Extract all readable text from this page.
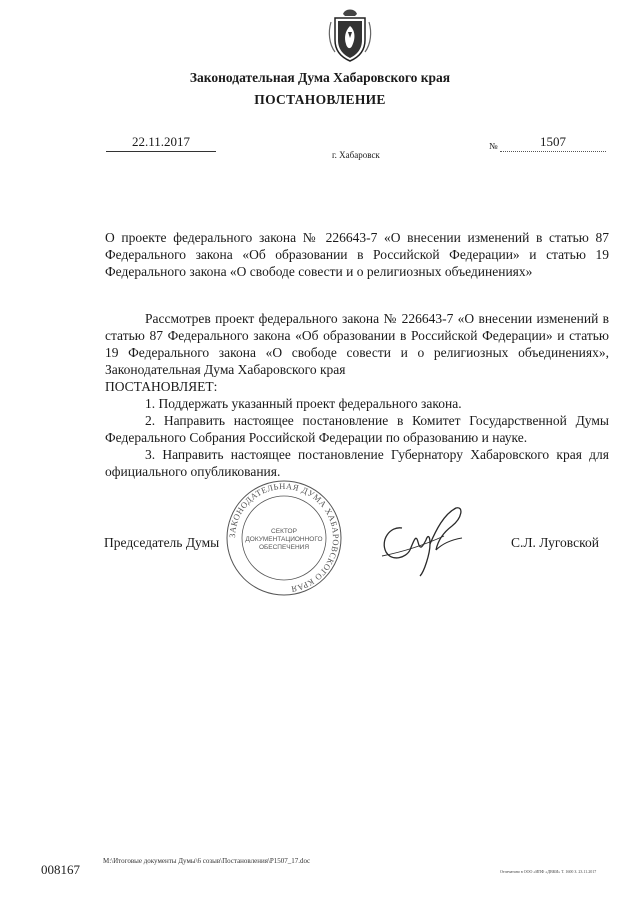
Законодательная Дума Хабаровского края
ПОСТАНОВЛЕНИЕ
22.11.2017
г. Хабаровск
№	1507
О проекте федерального закона № 226643-7 «О внесении изменений в статью 87 Федерального закона «Об образовании в Российской Федерации» и статью 19 Федерального закона «О свободе совести и о религиозных объединениях»

Рассмотрев проект федерального закона № 226643-7 «О внесении изменений в статью 87 Федерального закона «Об образовании в Российской Федерации» и статью 19 Федерального закона «О свободе совести и о религиозных объединениях», Законодательная Дума Хабаровского края

ПОСТАНОВЛЯЕТ:

1. Поддержать указанный проект федерального закона.

2. Направить настоящее постановление в Комитет Государственной Думы Федерального Собрания Российской Федерации по образованию и науке.

3. Направить настоящее постановление Губернатору Хабаровского края для официального опубликования.

ЗАКОНОДАТЕЛЬНАЯ ДУМА ХАБАРОВСКОГО КРАЯ
СЕКТОР
ДОКУМЕНТАЦИОННОГО
ОБЕСПЕЧЕНИЯ
Председатель Думы	С.Л. Луговской
M:\Итоговые документы Думы\6 созыв\Постановления\P1507_17.doc
Отпечатано в ООО «ИПФ «ДВКИ» Т. 1600 З. 23.11.2017
008167
